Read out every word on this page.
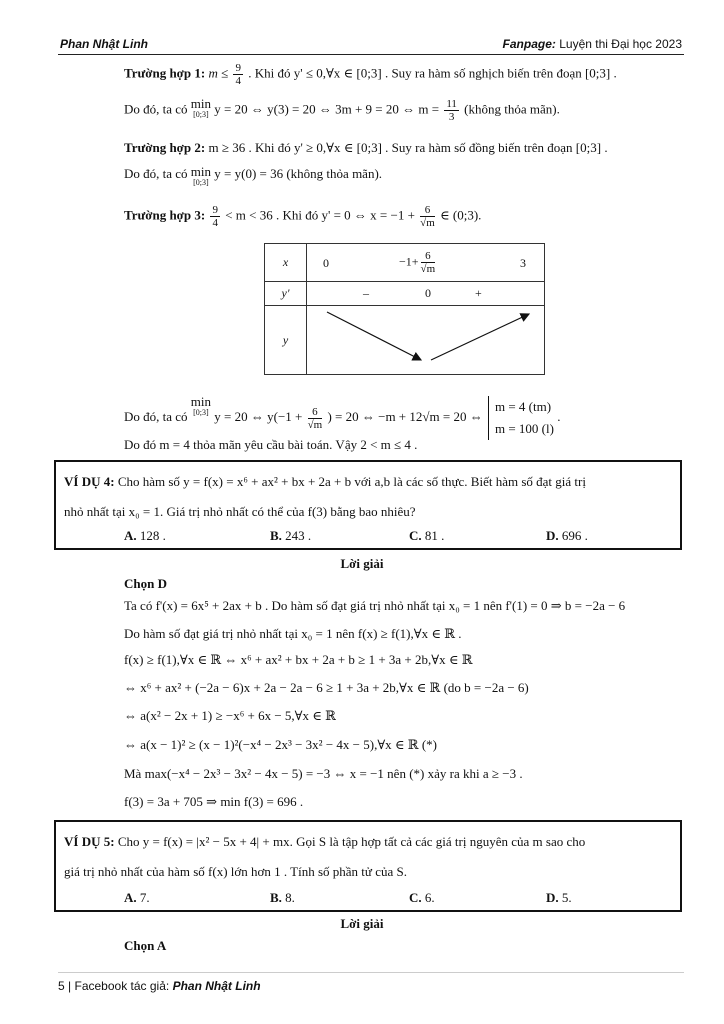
Phan Nhật Linh	Fanpage: Luyện thi Đại học 2023
Trường hợp 1: $m \le \frac{9}{4}$ . Khi đó y' ≤ 0,∀x ∈ [0;3] . Suy ra hàm số nghịch biến trên đoạn [0;3] .
Do đó, ta có min
[0;3] y = 20 ⇔ y(3) = 20 ⇔ 3m + 9 = 20 ⇔ $m = \frac{11}{3}$ (không thỏa mãn).
Trường hợp 2: m ≥ 36 . Khi đó y' ≥ 0,∀x ∈ [0;3] . Suy ra hàm số đồng biến trên đoạn [0;3] .
Do đó, ta có min
[0;3]
y = y(0) = 36 (không thỏa mãn).
Trường hợp 3: $\frac{9}{4} < m < 36$ . Khi đó y' = 0 ⇔ $x = -1 + \frac{6}{√m}$ ∈ (0;3).
x	$0 -1+ \frac{6}{√m} 3$

y'	– 0 +

y	
Do đó, ta có min
[0;3] y = 20 ⇔ $y(-1 + \frac{6}{√m}$ ) = 20 ⇔ −m + 12√m = 20 ⇔
m = 4 (tm)
m = 100 (l)
.
Do đó m = 4 thỏa mãn yêu cầu bài toán. Vậy 2 < m ≤ 4 .
VÍ DỤ 4: Cho hàm số y = f(x) = x⁶ + ax² + bx + 2a + b với a,b là các số thực. Biết hàm số đạt giá trị
nhỏ nhất tại x₀ = 1. Giá trị nhỏ nhất có thể của f(3) bằng bao nhiêu?
A. 128 .	B. 243 .	C. 81 .	D. 696 .
Lời giải
Chọn D
Ta có f'(x) = 6x⁵ + 2ax + b . Do hàm số đạt giá trị nhỏ nhất tại x₀ = 1 nên f'(1) = 0 ⇒ b = −2a − 6
Do hàm số đạt giá trị nhỏ nhất tại x₀ = 1 nên f(x) ≥ f(1),∀x ∈ ℝ .
f(x) ≥ f(1),∀x ∈ ℝ ⇔ x⁶ + ax² + bx + 2a + b ≥ 1 + 3a + 2b,∀x ∈ ℝ
⇔ x⁶ + ax² + (−2a − 6)x + 2a − 2a − 6 ≥ 1 + 3a + 2b,∀x ∈ ℝ (do b = −2a − 6)
⇔ a(x² − 2x + 1) ≥ −x⁶ + 6x − 5,∀x ∈ ℝ
⇔ a(x − 1)² ≥ (x − 1)²(−x⁴ − 2x³ − 3x² − 4x − 5),∀x ∈ ℝ (*)
Mà max(−x⁴ − 2x³ − 3x² − 4x − 5) = −3 ⇔ x = −1 nên (*) xảy ra khi a ≥ −3 .
f(3) = 3a + 705 ⇒ min f(3) = 696 .
VÍ DỤ 5: Cho y = f(x) = |x² − 5x + 4| + mx. Gọi S là tập hợp tất cả các giá trị nguyên của m sao cho
giá trị nhỏ nhất của hàm số f(x) lớn hơn 1 . Tính số phần tử của S.
A. 7.	B. 8.	C. 6.	D. 5.
Lời giải
Chọn A
5 | Facebook tác giả: Phan Nhật Linh
